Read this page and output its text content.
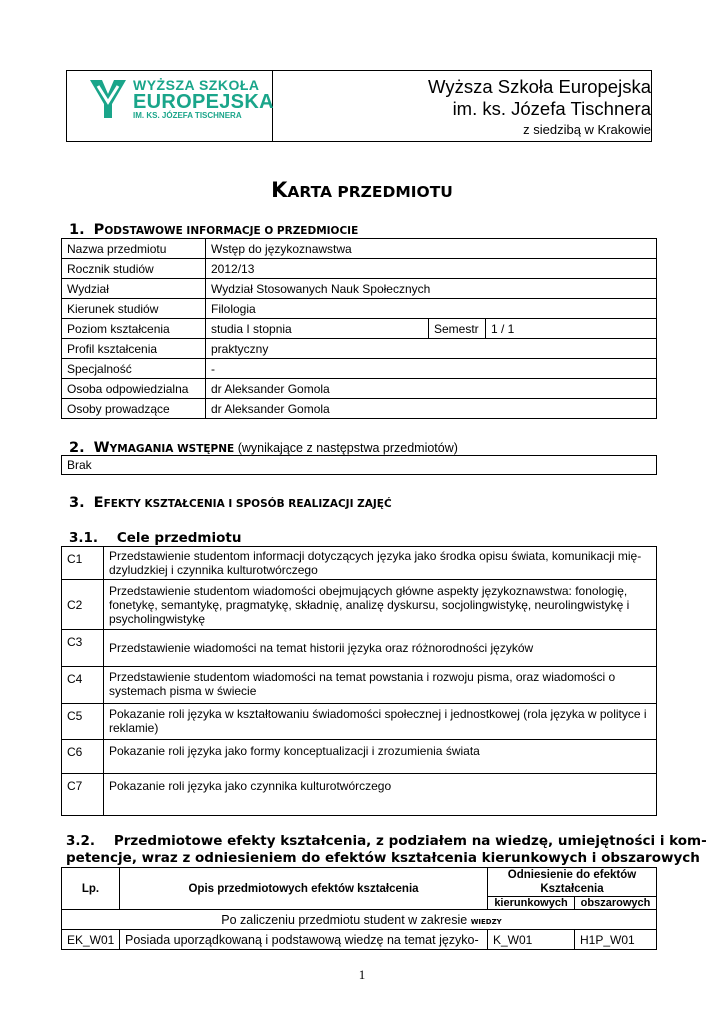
WYŻSZA SZKOŁA
EUROPEJSKA
IM. KS. JÓZEFA TISCHNERA
Wyższa Szkoła Europejska
im. ks. Józefa Tischnera
z siedzibą w Krakowie
KARTA PRZEDMIOTU
1. PODSTAWOWE INFORMACJE O PRZEDMIOCIE
Nazwa przedmiotu	Wstęp do językoznawstwa		
Rocznik studiów	2012/13		
Wydział	Wydział Stosowanych Nauk Społecznych		
Kierunek studiów	Filologia		
Poziom kształcenia	studia I stopnia	Semestr	1 / 1
Profil kształcenia	praktyczny		
Specjalność	-		
Osoba odpowiedzialna	dr Aleksander Gomola		
Osoby prowadzące	dr Aleksander Gomola		
2. WYMAGANIA WSTĘPNE (wynikające z następstwa przedmiotów)
Brak
3. EFEKTY KSZTAŁCENIA I SPOSÓB REALIZACJI ZAJĘĆ
3.1. Cele przedmiotu
C1	Przedstawienie studentom informacji dotyczących języka jako środka opisu świata, komunikacji mię-dzyludzkiej i czynnika kulturotwórczego
C2	Przedstawienie studentom wiadomości obejmujących główne aspekty językoznawstwa: fonologię, fonetykę, semantykę, pragmatykę, składnię, analizę dyskursu, socjolingwistykę, neurolingwistykę i psycholingwistykę
C3	Przedstawienie wiadomości na temat historii języka oraz różnorodności języków
C4	Przedstawienie studentom wiadomości na temat powstania i rozwoju pisma, oraz wiadomości o systemach pisma w świecie
C5	Pokazanie roli języka w kształtowaniu świadomości społecznej i jednostkowej (rola języka w polityce i reklamie)
C6	Pokazanie roli języka jako formy konceptualizacji i zrozumienia świata
C7	Pokazanie roli języka jako czynnika kulturotwórczego
3.2. Przedmiotowe efekty kształcenia, z podziałem na wiedzę, umiejętności i kom-
petencje, wraz z odniesieniem do efektów kształcenia kierunkowych i obszarowych
Lp.	Opis przedmiotowych efektów kształcenia	Odniesienie do efektów Kształcenia	
		kierunkowych	obszarowych
Po zaliczeniu przedmiotu student w zakresie wiedzy			
EK_W01	Posiada uporządkowaną i podstawową wiedzę na temat języko-	K_W01	H1P_W01
1
